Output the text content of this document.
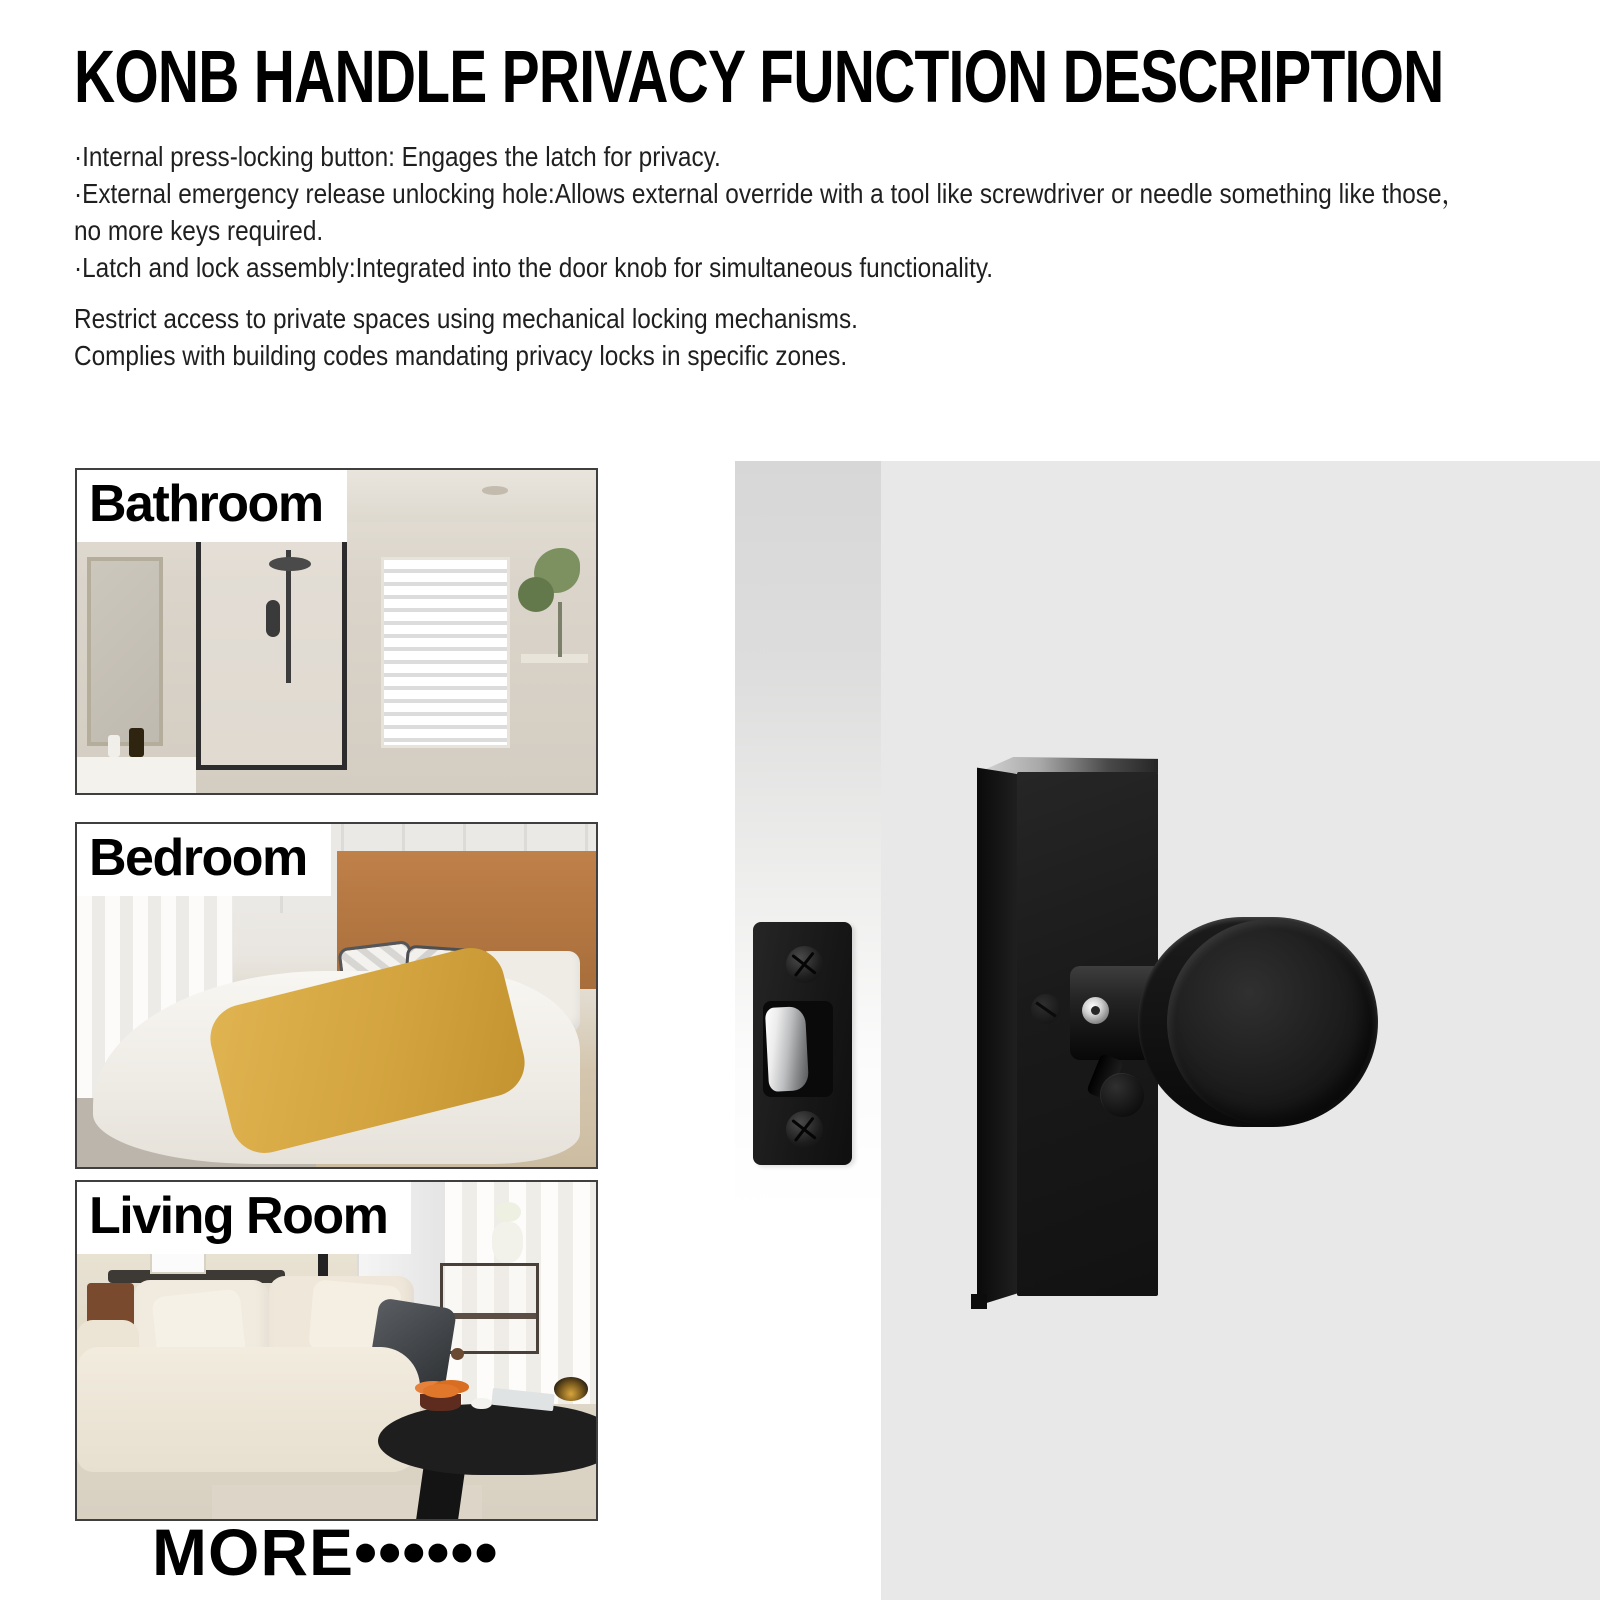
KONB HANDLE PRIVACY FUNCTION DESCRIPTION

·Internal press-locking button: Engages the latch for privacy.

·External emergency release unlocking hole:Allows external override with a tool like screwdriver or needle something like those，

no more keys required.

·Latch and lock assembly:Integrated into the door knob for simultaneous functionality.

Restrict access to private spaces using mechanical locking mechanisms.

Complies with building codes mandating privacy locks in specific zones.

Bathroom
Bedroom
Living Room
MORE••••••
